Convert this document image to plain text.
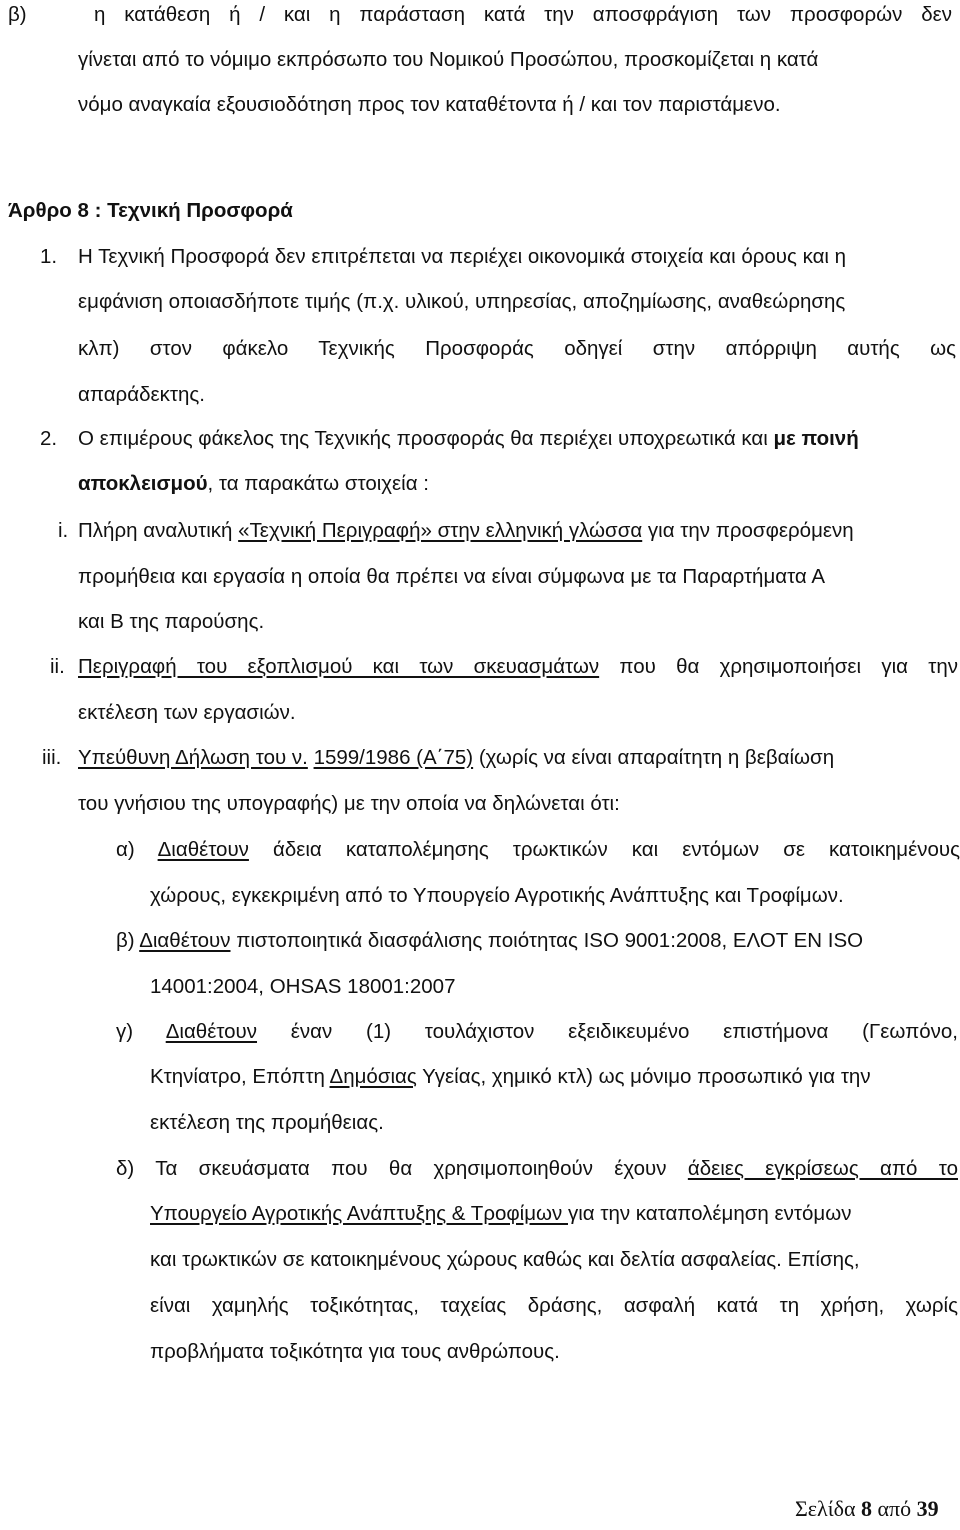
β)	η κατάθεση ή / και η παράσταση κατά την αποσφράγιση των προσφορών δεν
γίνεται από το νόμιμο εκπρόσωπο του Νομικού Προσώπου, προσκομίζεται η κατά
νόμο αναγκαία εξουσιοδότηση προς τον καταθέτοντα ή / και τον παριστάμενο.
Άρθρο 8 : Τεχνική Προσφορά
1. Η Τεχνική Προσφορά δεν επιτρέπεται να περιέχει οικονομικά στοιχεία και όρους και η
εμφάνιση οποιασδήποτε τιμής (π.χ. υλικού, υπηρεσίας, αποζημίωσης, αναθεώρησης
κλπ) στον φάκελο Τεχνικής Προσφοράς οδηγεί στην απόρριψη αυτής ως
απαράδεκτης.
2. Ο επιμέρους φάκελος της Τεχνικής προσφοράς θα περιέχει υποχρεωτικά και με ποινή
αποκλεισμού, τα παρακάτω στοιχεία :
i. Πλήρη αναλυτική «Τεχνική Περιγραφή» στην ελληνική γλώσσα για την προσφερόμενη
προμήθεια και εργασία η οποία θα πρέπει να είναι σύμφωνα με τα Παραρτήματα Α
και Β της παρούσης.
ii. Περιγραφή του εξοπλισμού και των σκευασμάτων που θα χρησιμοποιήσει για την
εκτέλεση των εργασιών.
iii. Υπεύθυνη Δήλωση του ν. 1599/1986 (Α΄75) (χωρίς να είναι απαραίτητη η βεβαίωση
του γνήσιου της υπογραφής) με την οποία να δηλώνεται ότι:
α) Διαθέτουν άδεια καταπολέμησης τρωκτικών και εντόμων σε κατοικημένους
χώρους, εγκεκριμένη από το Υπουργείο Αγροτικής Ανάπτυξης και Τροφίμων.
β) Διαθέτουν πιστοποιητικά διασφάλισης ποιότητας ISO 9001:2008, ΕΛΟΤ EN ISO
14001:2004, OHSAS 18001:2007
γ) Διαθέτουν έναν (1) τουλάχιστον εξειδικευμένο επιστήμονα (Γεωπόνο,
Κτηνίατρο, Επόπτη Δημόσιας Υγείας, χημικό κτλ) ως μόνιμο προσωπικό για την
εκτέλεση της προμήθειας.
δ) Τα σκευάσματα που θα χρησιμοποιηθούν έχουν άδειες εγκρίσεως από το
Υπουργείο Αγροτικής Ανάπτυξης & Τροφίμων για την καταπολέμηση εντόμων
και τρωκτικών σε κατοικημένους χώρους καθώς και δελτία ασφαλείας. Επίσης,
είναι χαμηλής τοξικότητας, ταχείας δράσης, ασφαλή κατά τη χρήση, χωρίς
προβλήματα τοξικότητα για τους ανθρώπους.
Σελίδα 8 από 39
